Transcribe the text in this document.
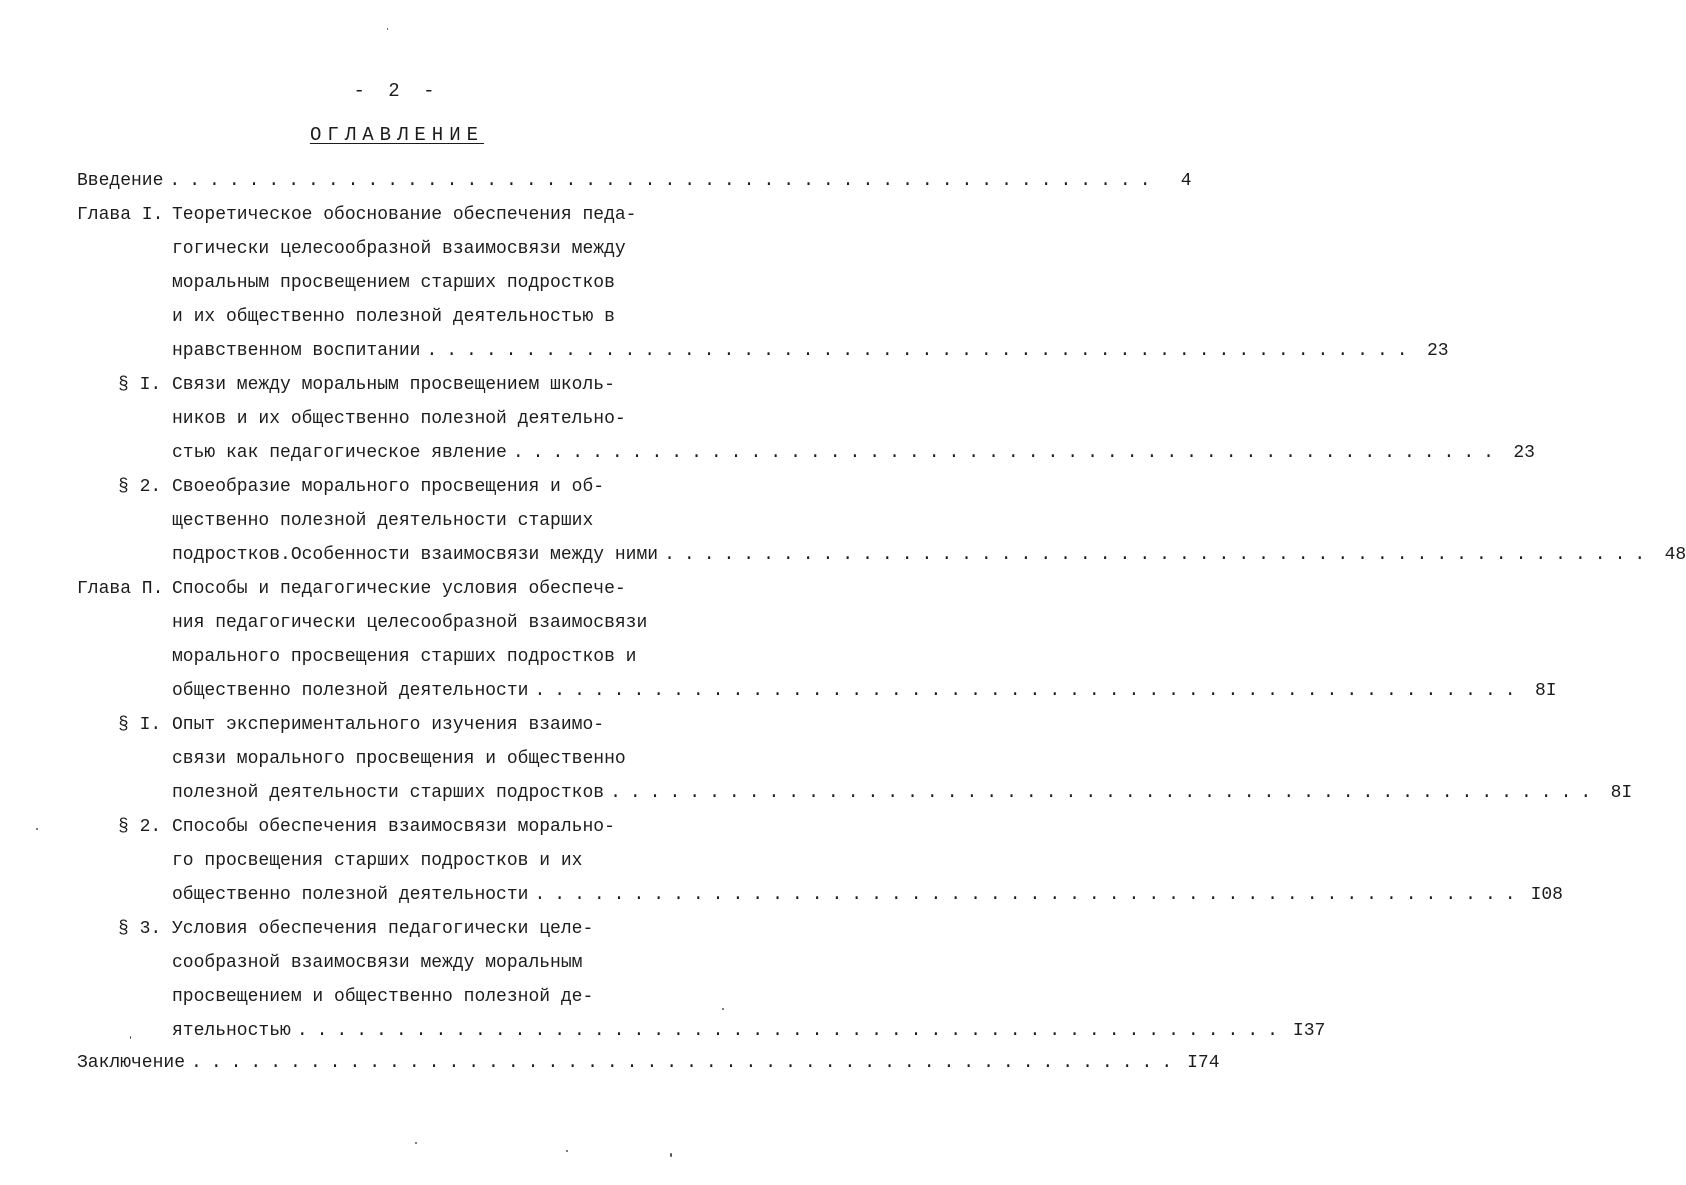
- 2 -
ОГЛАВЛЕНИЕ
Введение ..................................................	4
Глава I. Теоретическое обоснование обеспечения педа-
гогически целесообразной взаимосвязи между
моральным просвещением старших подростков
и их общественно полезной деятельностью в
нравственном воспитании .................................................. 23
§ I. Связи между моральным просвещением школь-
ников и их общественно полезной деятельно-
стью как педагогическое явление .................................................. 23
§ 2. Своеобразие морального просвещения и об-
щественно полезной деятельности старших
подростков.Особенности взаимосвязи между ними .................................................. 48
Глава П. Способы и педагогические условия обеспече-
ния педагогически целесообразной взаимосвязи
морального просвещения старших подростков и
общественно полезной деятельности .................................................. 8I
§ I. Опыт экспериментального изучения взаимо-
связи морального просвещения и общественно
полезной деятельности старших подростков .................................................. 8I
§ 2. Способы обеспечения взаимосвязи морально-
го просвещения старших подростков и их
общественно полезной деятельности .................................................. I08
§ 3. Условия обеспечения педагогически целе-
сообразной взаимосвязи между моральным
просвещением и общественно полезной де-
ятельностью .................................................. I37
Заключение .................................................. I74
